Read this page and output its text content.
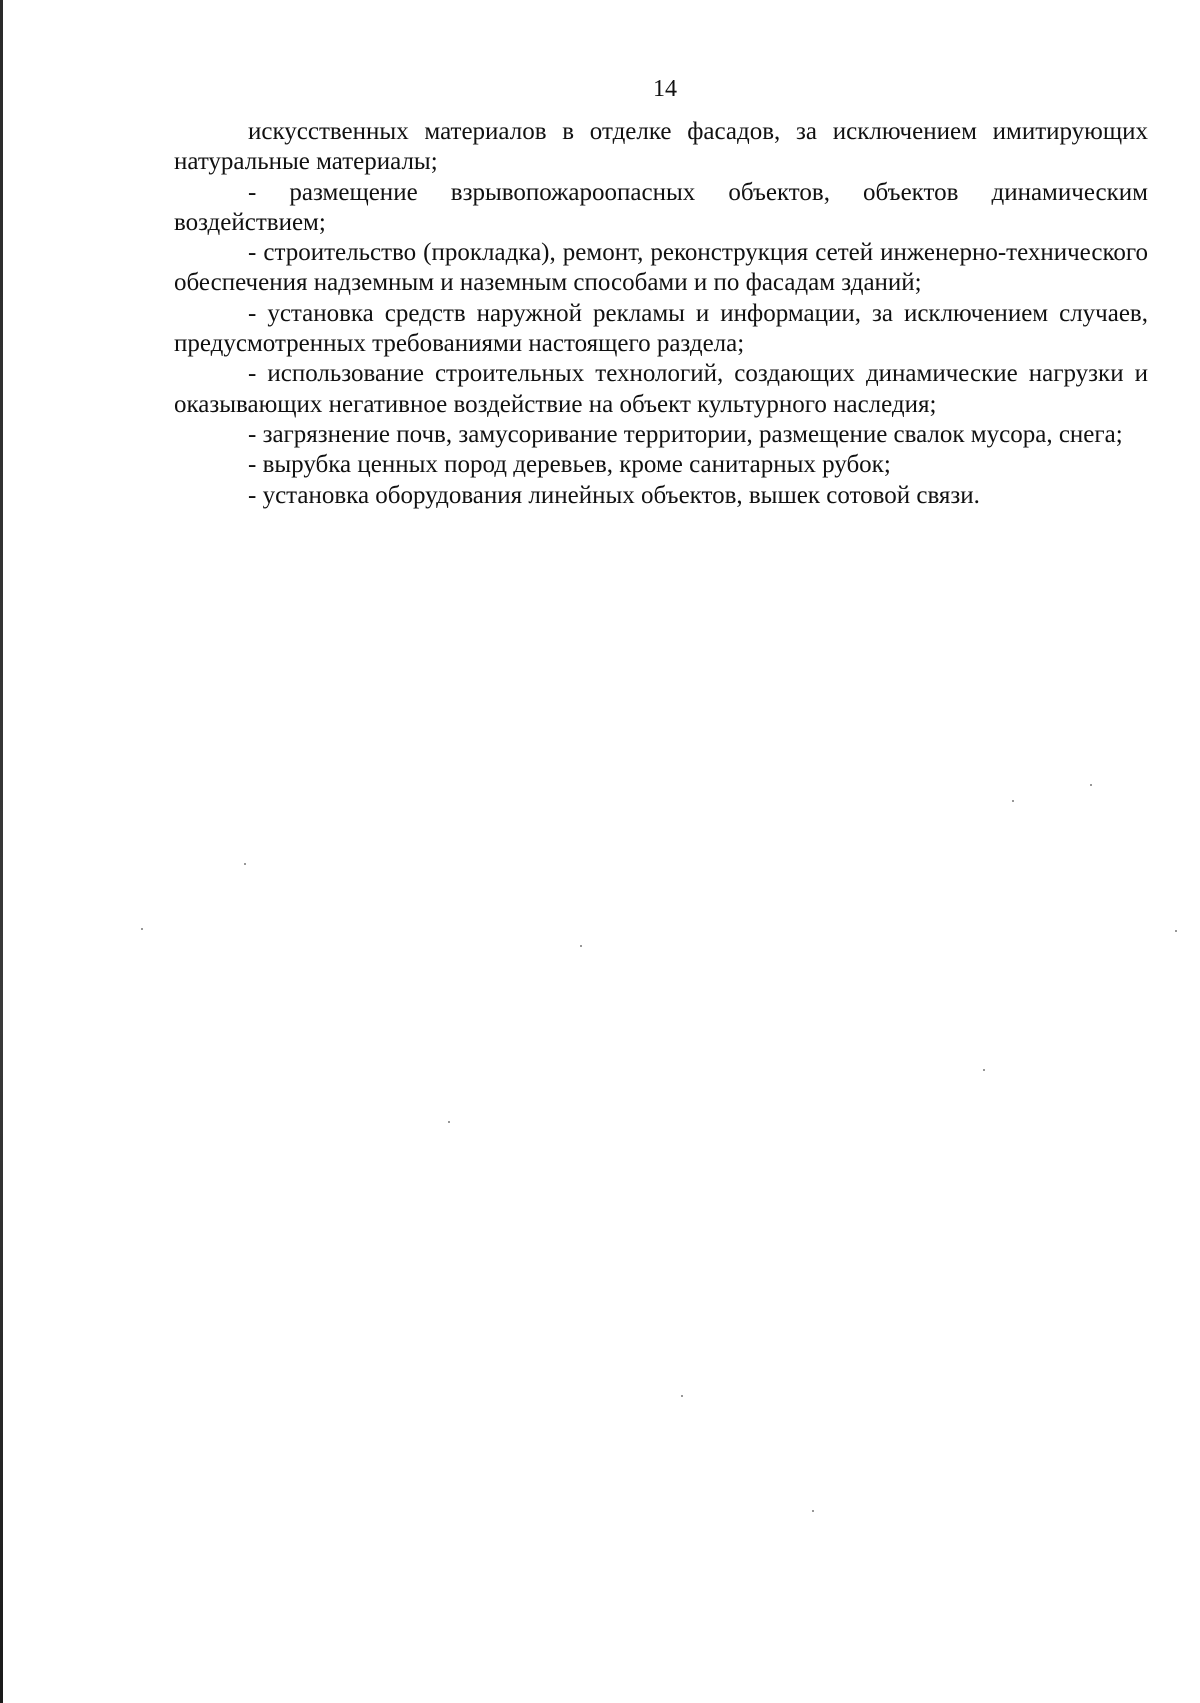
14

искусственных материалов в отделке фасадов, за исключением имитирующих натуральные материалы;

- размещение взрывопожароопасных объектов, объектов динамическим воздействием;

- строительство (прокладка), ремонт, реконструкция сетей инженерно-технического обеспечения надземным и наземным способами и по фасадам зданий;

- установка средств наружной рекламы и информации, за исключением случаев, предусмотренных требованиями настоящего раздела;

- использование строительных технологий, создающих динамические нагрузки и оказывающих негативное воздействие на объект культурного наследия;

- загрязнение почв, замусоривание территории, размещение свалок мусора, снега;

- вырубка ценных пород деревьев, кроме санитарных рубок;

- установка оборудования линейных объектов, вышек сотовой связи.
